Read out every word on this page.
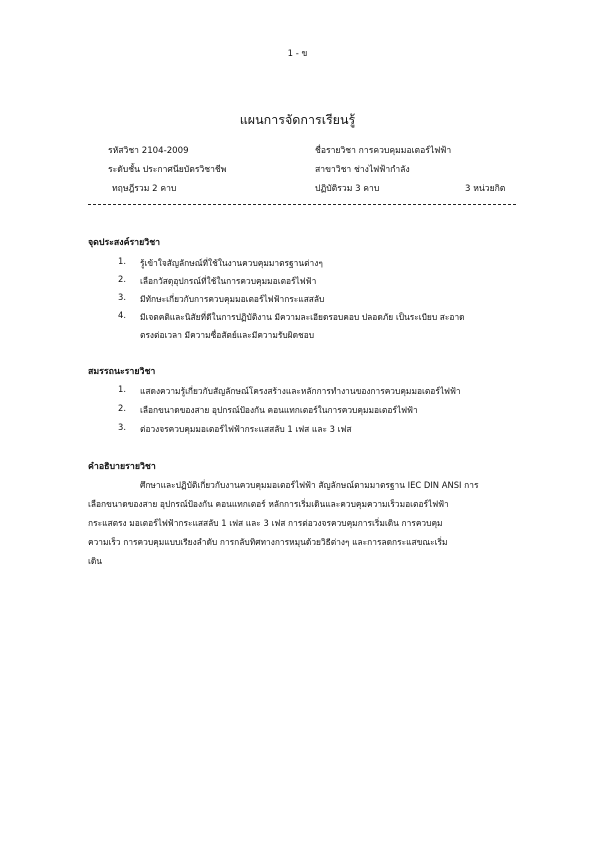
1 - ข
แผนการจัดการเรียนรู้
รหัสวิชา 2104-2009	ชื่อรายวิชา การควบคุมมอเตอร์ไฟฟ้า
ระดับชั้น ประกาศนียบัตรวิชาชีพ	สาขาวิชา ช่างไฟฟ้ากำลัง
ทฤษฎีรวม 2 คาบ	ปฏิบัติรวม 3 คาบ	3 หน่วยกิต
จุดประสงค์รายวิชา
1. รู้เข้าใจสัญลักษณ์ที่ใช้ในงานควบคุมมาตรฐานต่างๆ
2. เลือกวัสดุอุปกรณ์ที่ใช้ในการควบคุมมอเตอร์ไฟฟ้า
3. มีทักษะเกี่ยวกับการควบคุมมอเตอร์ไฟฟ้ากระแสสลับ
4. มีเจตคติและนิสัยที่ดีในการปฏิบัติงาน มีความละเอียดรอบคอบ ปลอดภัย เป็นระเบียบ สะอาด
ตรงต่อเวลา มีความซื่อสัตย์และมีความรับผิดชอบ
สมรรถนะรายวิชา
1. แสดงความรู้เกี่ยวกับสัญลักษณ์โครงสร้างและหลักการทำงานของการควบคุมมอเตอร์ไฟฟ้า
2. เลือกขนาดของสาย อุปกรณ์ป้องกัน คอนแทกเตอร์ในการควบคุมมอเตอร์ไฟฟ้า
3. ต่อวงจรควบคุมมอเตอร์ไฟฟ้ากระแสสลับ 1 เฟส และ 3 เฟส
คำอธิบายรายวิชา
ศึกษาและปฏิบัติเกี่ยวกับงานควบคุมมอเตอร์ไฟฟ้า สัญลักษณ์ตามมาตรฐาน IEC DIN ANSI การ
เลือกขนาดของสาย อุปกรณ์ป้องกัน คอนแทกเตอร์ หลักการเริ่มเดินและควบคุมความเร็วมอเตอร์ไฟฟ้า
กระแสตรง มอเตอร์ไฟฟ้ากระแสสลับ 1 เฟส และ 3 เฟส การต่อวงจรควบคุมการเริ่มเดิน การควบคุม
ความเร็ว การควบคุมแบบเรียงลำดับ การกลับทิศทางการหมุนด้วยวิธีต่างๆ และการลดกระแสขณะเริ่ม
เดิน
